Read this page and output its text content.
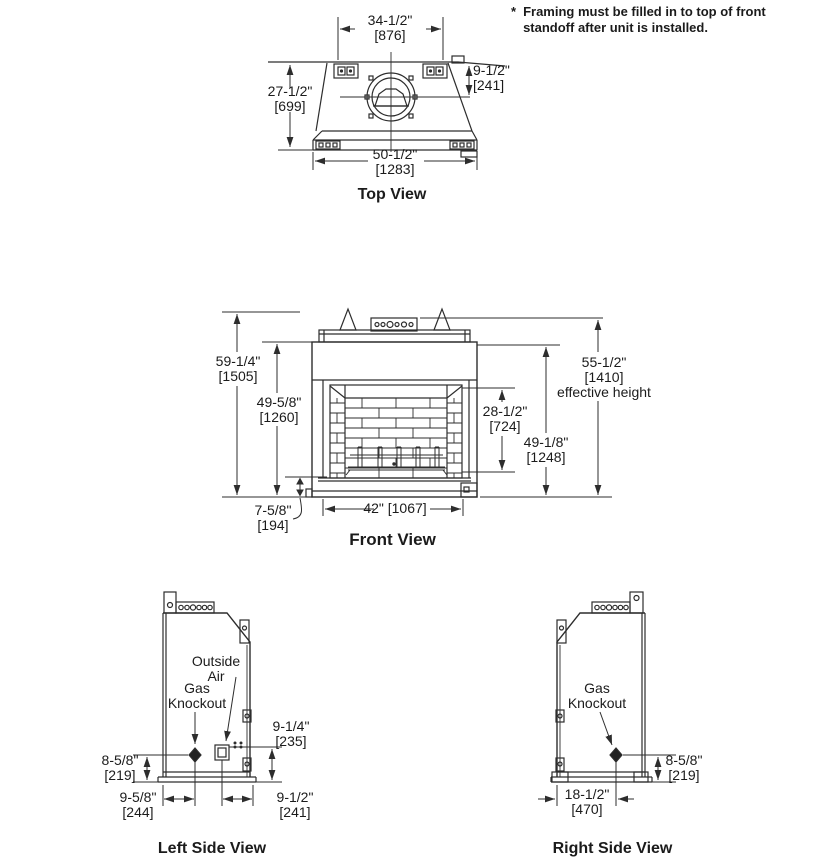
* Framing must be filled in to top of front
standoff after unit is installed.
34-1/2"
[876]
9-1/2"
[241]
27-1/2"
[699]
50-1/2"
[1283]
Top View
59-1/4"
[1505]
49-5/8"
[1260]
55-1/2"
[1410]
effective height
49-1/8"
[1248]
28-1/2"
[724]
7-5/8"
[194]
42" [1067]
Front View
Outside
Air
Gas
Knockout
8-5/8"
[219]
9-1/4"
[235]
9-5/8"
[244]
9-1/2"
[241]
Left Side View
Gas
Knockout
8-5/8"
[219]
18-1/2"
[470]
Right Side View
